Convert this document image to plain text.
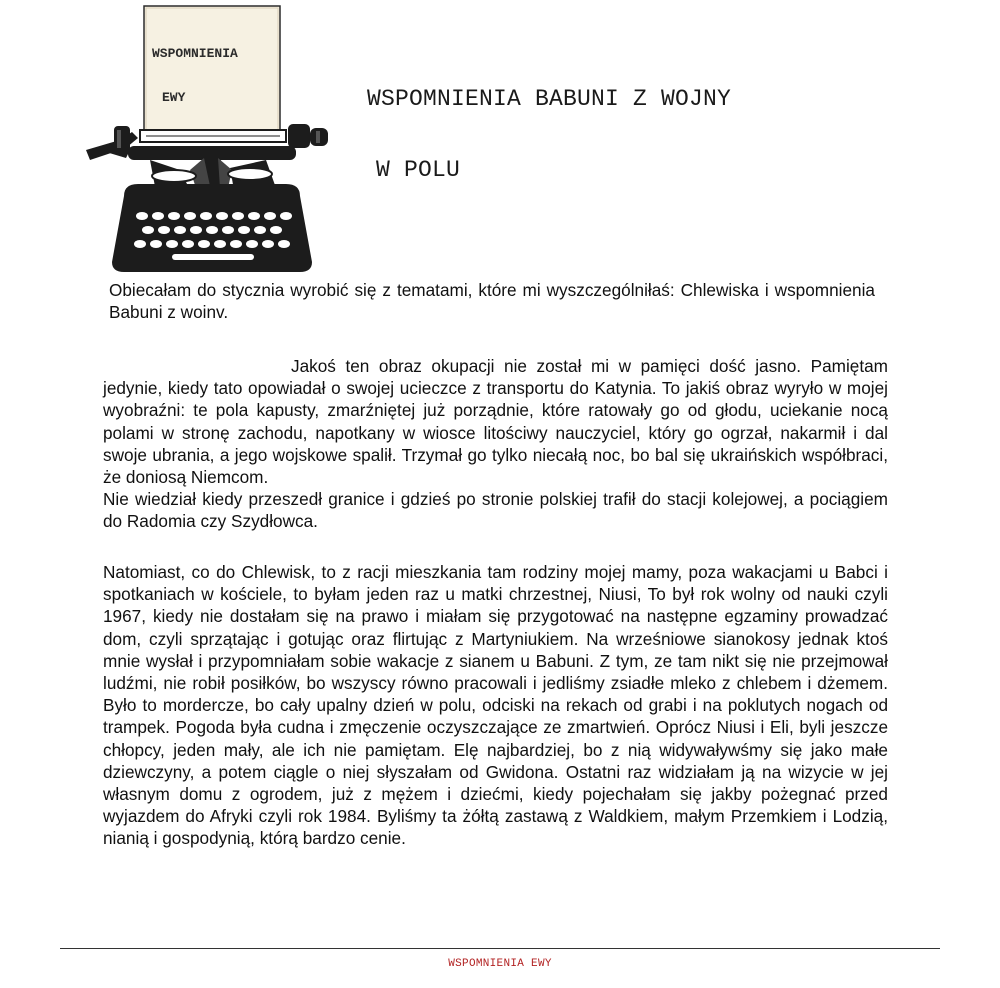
WSPOMNIENIA
EWY	WSPOMNIENIA BABUNI Z WOJNY
W POLU

Obiecałam do stycznia wyrobić się z tematami, które mi wyszczególniłaś: Chlewiska i wspomnienia Babuni z woinv.

Jakoś ten obraz okupacji nie został mi w pamięci dość jasno. Pamiętam jedynie, kiedy tato opowiadał o swojej ucieczce z transportu do Katynia. To jakiś obraz wyryło w mojej wyobraźni: te pola kapusty, zmarźniętej już porządnie, które ratowały go od głodu, uciekanie nocą polami w stronę zachodu, napotkany w wiosce litościwy nauczyciel, który go ogrzał, nakarmił i dal swoje ubrania, a jego wojskowe spalił. Trzymał go tylko niecałą noc, bo bal się ukraińskich współbraci, że doniosą Niemcom.

Nie wiedział kiedy przeszedł granice i gdzieś po stronie polskiej trafił do stacji kolejowej, a pociągiem do Radomia czy Szydłowca.

Natomiast, co do Chlewisk, to z racji mieszkania tam rodziny mojej mamy, poza wakacjami u Babci i spotkaniach w kościele, to byłam jeden raz u matki chrzestnej, Niusi, To był rok wolny od nauki czyli 1967, kiedy nie dostałam się na prawo i miałam się przygotować na następne egzaminy prowadzać dom, czyli sprzątając i gotując oraz flirtując z Martyniukiem. Na wrześniowe sianokosy jednak ktoś mnie wysłał i przypomniałam sobie wakacje z sianem u Babuni. Z tym, ze tam nikt się nie przejmował ludźmi, nie robił posiłków, bo wszyscy równo pracowali i jedliśmy zsiadłe mleko z chlebem i dżemem. Było to mordercze, bo cały upalny dzień w polu, odciski na rekach od grabi i na poklutych nogach od trampek. Pogoda była cudna i zmęczenie oczyszczające ze zmartwień. Oprócz Niusi i Eli, byli jeszcze chłopcy, jeden mały, ale ich nie pamiętam. Elę najbardziej, bo z nią widywaływśmy się jako małe dziewczyny, a potem ciągle o niej słyszałam od Gwidona. Ostatni raz widziałam ją na wizycie w jej własnym domu z ogrodem, już z mężem i dziećmi, kiedy pojechałam się jakby pożegnać przed wyjazdem do Afryki czyli rok 1984. Byliśmy ta żółtą zastawą z Waldkiem, małym Przemkiem i Lodzią, nianią i gospodynią, którą bardzo cenie.

WSPOMNIENIA EWY
